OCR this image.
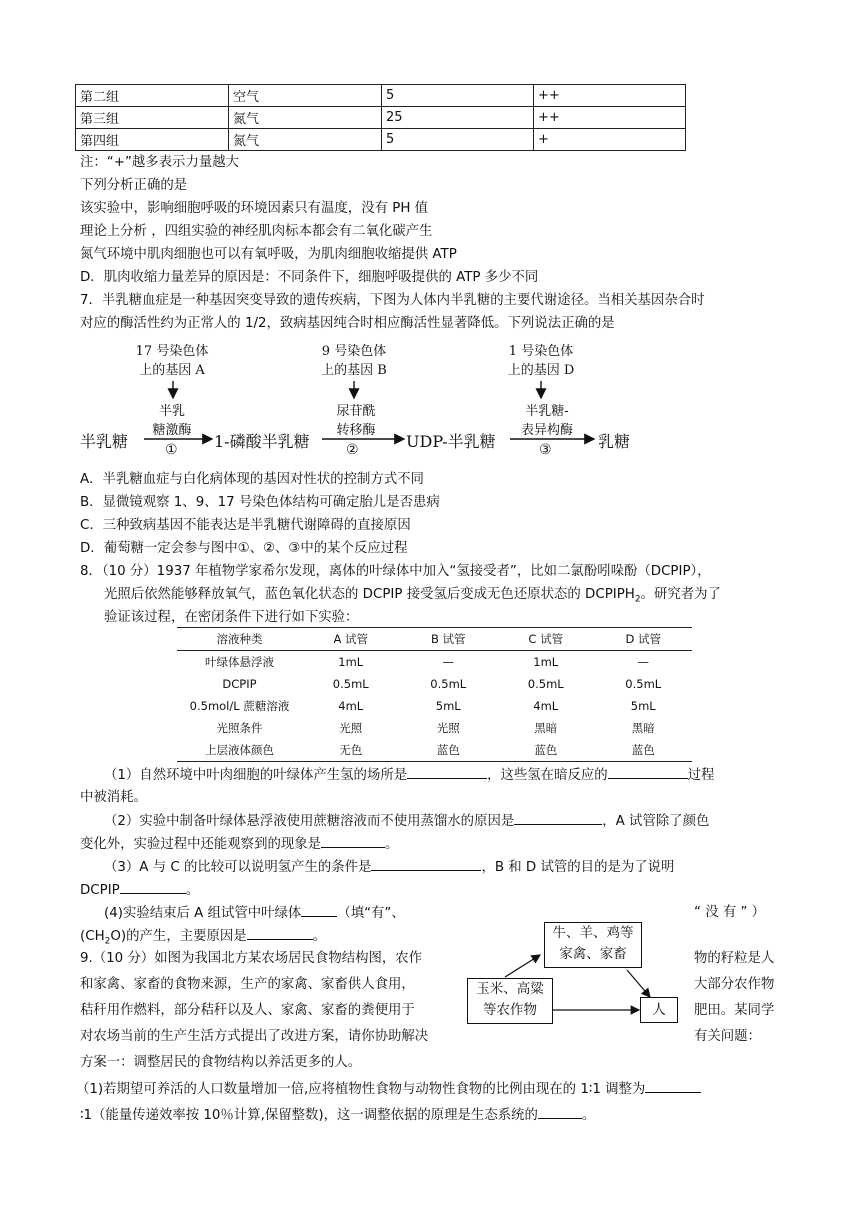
第二组	空气	5	++
第三组	氮气	25	++
第四组	氮气	5	+
注：“+”越多表示力量越大
下列分析正确的是
该实验中，影响细胞呼吸的环境因素只有温度，没有 PH 值
理论上分析 ，四组实验的神经肌肉标本都会有二氧化碳产生
氮气环境中肌肉细胞也可以有氧呼吸，为肌肉细胞收缩提供 ATP
D．肌肉收缩力量差异的原因是：不同条件下，细胞呼吸提供的 ATP 多少不同
7．半乳糖血症是一种基因突变导致的遗传疾病，下图为人体内半乳糖的主要代谢途径。当相关基因杂合时
对应的酶活性约为正常人的 1/2，致病基因纯合时相应酶活性显著降低。下列说法正确的是
17 号染色体
上的基因 A
9 号染色体
上的基因 B
1 号染色体
上的基因 D
半乳
糖激酶
尿苷酰
转移酶
半乳糖-
表异构酶
半乳糖	1-磷酸半乳糖	UDP-半乳糖	乳糖
①	②	③
A．半乳糖血症与白化病体现的基因对性状的控制方式不同
B．显微镜观察 1、9、17 号染色体结构可确定胎儿是否患病
C．三种致病基因不能表达是半乳糖代谢障碍的直接原因
D．葡萄糖一定会参与图中①、②、③中的某个反应过程
8．（10 分）1937 年植物学家希尔发现，离体的叶绿体中加入“氢接受者”，比如二氯酚吲哚酚（DCPIP），
光照后依然能够释放氧气，蓝色氧化状态的 DCPIP 接受氢后变成无色还原状态的 $DCPIPH_2$。研究者为了
验证该过程，在密闭条件下进行如下实验：
溶液种类	A 试管	B 试管	C 试管	D 试管
叶绿体悬浮液	1mL	—	1mL	—
DCPIP	0.5mL	0.5mL	0.5mL	0.5mL
0.5mol/L 蔗糖溶液	4mL	5mL	4mL	5mL
光照条件	光照	光照	黑暗	黑暗
上层液体颜色	无色	蓝色	蓝色	蓝色
（1）自然环境中叶肉细胞的叶绿体产生氢的场所是	，这些氢在暗反应的	过程
中被消耗。
（2）实验中制备叶绿体悬浮液使用蔗糖溶液而不使用蒸馏水的原因是	，A 试管除了颜色
变化外，实验过程中还能观察到的现象是	。
（3）A 与 C 的比较可以说明氢产生的条件是	，B 和 D 试管的目的是为了说明
DCPIP	。
(4)实验结束后 A 组试管中叶绿体	（填“有”、	“ 没 有 ” ）
$(CH_2O)$的产生，主要原因是	。
9.（10 分）如图为我国北方某农场居民食物结构图，农作	物的籽粒是人
和家禽、家畜的食物来源，生产的家禽、家畜供人食用，	大部分农作物
秸秆用作燃料，部分秸秆以及人、家禽、家畜的粪便用于	肥田。某同学
对农场当前的生产生活方式提出了改进方案，请你协助解决	有关问题：
方案一：调整居民的食物结构以养活更多的人。
牛、羊、鸡等
家禽、家畜
玉米、高粱
等农作物	人
（1)若期望可养活的人口数量增加一倍,应将植物性食物与动物性食物的比例由现在的 1∶1 调整为
∶1（能量传递效率按 10％计算,保留整数)，这一调整依据的原理是生态系统的	。
